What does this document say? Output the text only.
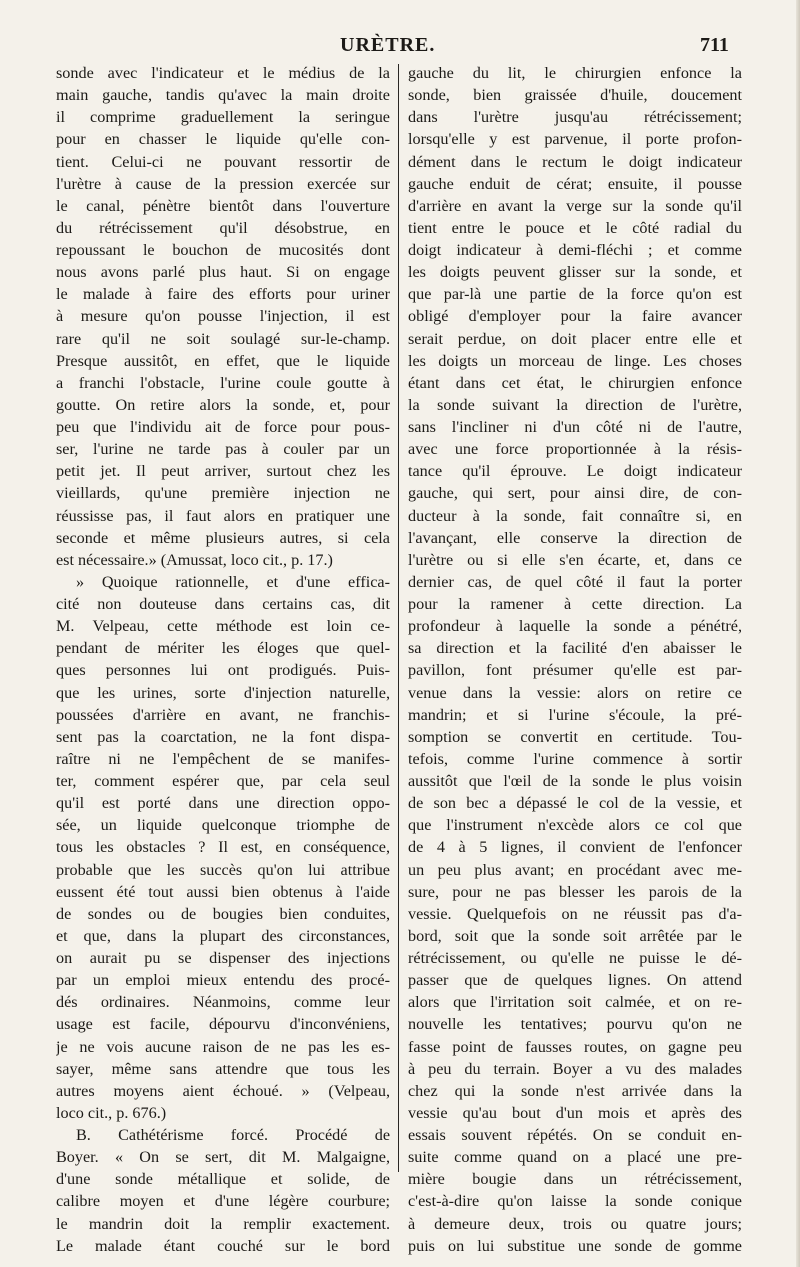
URÈTRE.	711
sonde avec l'indicateur et le médius de la
main gauche, tandis qu'avec la main droite
il comprime graduellement la seringue
pour en chasser le liquide qu'elle con-
tient. Celui-ci ne pouvant ressortir de
l'urètre à cause de la pression exercée sur
le canal, pénètre bientôt dans l'ouverture
du rétrécissement qu'il désobstrue, en
repoussant le bouchon de mucosités dont
nous avons parlé plus haut. Si on engage
le malade à faire des efforts pour uriner
à mesure qu'on pousse l'injection, il est
rare qu'il ne soit soulagé sur-le-champ.
Presque aussitôt, en effet, que le liquide
a franchi l'obstacle, l'urine coule goutte à
goutte. On retire alors la sonde, et, pour
peu que l'individu ait de force pour pous-
ser, l'urine ne tarde pas à couler par un
petit jet. Il peut arriver, surtout chez les
vieillards, qu'une première injection ne
réussisse pas, il faut alors en pratiquer une
seconde et même plusieurs autres, si cela
est nécessaire.» (Amussat, loco cit., p. 17.)
» Quoique rationnelle, et d'une effica-
cité non douteuse dans certains cas, dit
M. Velpeau, cette méthode est loin ce-
pendant de mériter les éloges que quel-
ques personnes lui ont prodigués. Puis-
que les urines, sorte d'injection naturelle,
poussées d'arrière en avant, ne franchis-
sent pas la coarctation, ne la font dispa-
raître ni ne l'empêchent de se manifes-
ter, comment espérer que, par cela seul
qu'il est porté dans une direction oppo-
sée, un liquide quelconque triomphe de
tous les obstacles ? Il est, en conséquence,
probable que les succès qu'on lui attribue
eussent été tout aussi bien obtenus à l'aide
de sondes ou de bougies bien conduites,
et que, dans la plupart des circonstances,
on aurait pu se dispenser des injections
par un emploi mieux entendu des procé-
dés ordinaires. Néanmoins, comme leur
usage est facile, dépourvu d'inconvéniens,
je ne vois aucune raison de ne pas les es-
sayer, même sans attendre que tous les
autres moyens aient échoué. » (Velpeau,
loco cit., p. 676.)
B. Cathétérisme forcé. Procédé de
Boyer. « On se sert, dit M. Malgaigne,
d'une sonde métallique et solide, de
calibre moyen et d'une légère courbure;
le mandrin doit la remplir exactement.
Le malade étant couché sur le bord
gauche du lit, le chirurgien enfonce la
sonde, bien graissée d'huile, doucement
dans l'urètre jusqu'au rétrécissement;
lorsqu'elle y est parvenue, il porte profon-
dément dans le rectum le doigt indicateur
gauche enduit de cérat; ensuite, il pousse
d'arrière en avant la verge sur la sonde qu'il
tient entre le pouce et le côté radial du
doigt indicateur à demi-fléchi ; et comme
les doigts peuvent glisser sur la sonde, et
que par-là une partie de la force qu'on est
obligé d'employer pour la faire avancer
serait perdue, on doit placer entre elle et
les doigts un morceau de linge. Les choses
étant dans cet état, le chirurgien enfonce
la sonde suivant la direction de l'urètre,
sans l'incliner ni d'un côté ni de l'autre,
avec une force proportionnée à la résis-
tance qu'il éprouve. Le doigt indicateur
gauche, qui sert, pour ainsi dire, de con-
ducteur à la sonde, fait connaître si, en
l'avançant, elle conserve la direction de
l'urètre ou si elle s'en écarte, et, dans ce
dernier cas, de quel côté il faut la porter
pour la ramener à cette direction. La
profondeur à laquelle la sonde a pénétré,
sa direction et la facilité d'en abaisser le
pavillon, font présumer qu'elle est par-
venue dans la vessie: alors on retire ce
mandrin; et si l'urine s'écoule, la pré-
somption se convertit en certitude. Tou-
tefois, comme l'urine commence à sortir
aussitôt que l'œil de la sonde le plus voisin
de son bec a dépassé le col de la vessie, et
que l'instrument n'excède alors ce col que
de 4 à 5 lignes, il convient de l'enfoncer
un peu plus avant; en procédant avec me-
sure, pour ne pas blesser les parois de la
vessie. Quelquefois on ne réussit pas d'a-
bord, soit que la sonde soit arrêtée par le
rétrécissement, ou qu'elle ne puisse le dé-
passer que de quelques lignes. On attend
alors que l'irritation soit calmée, et on re-
nouvelle les tentatives; pourvu qu'on ne
fasse point de fausses routes, on gagne peu
à peu du terrain. Boyer a vu des malades
chez qui la sonde n'est arrivée dans la
vessie qu'au bout d'un mois et après des
essais souvent répétés. On se conduit en-
suite comme quand on a placé une pre-
mière bougie dans un rétrécissement,
c'est-à-dire qu'on laisse la sonde conique
à demeure deux, trois ou quatre jours;
puis on lui substitue une sonde de gomme
